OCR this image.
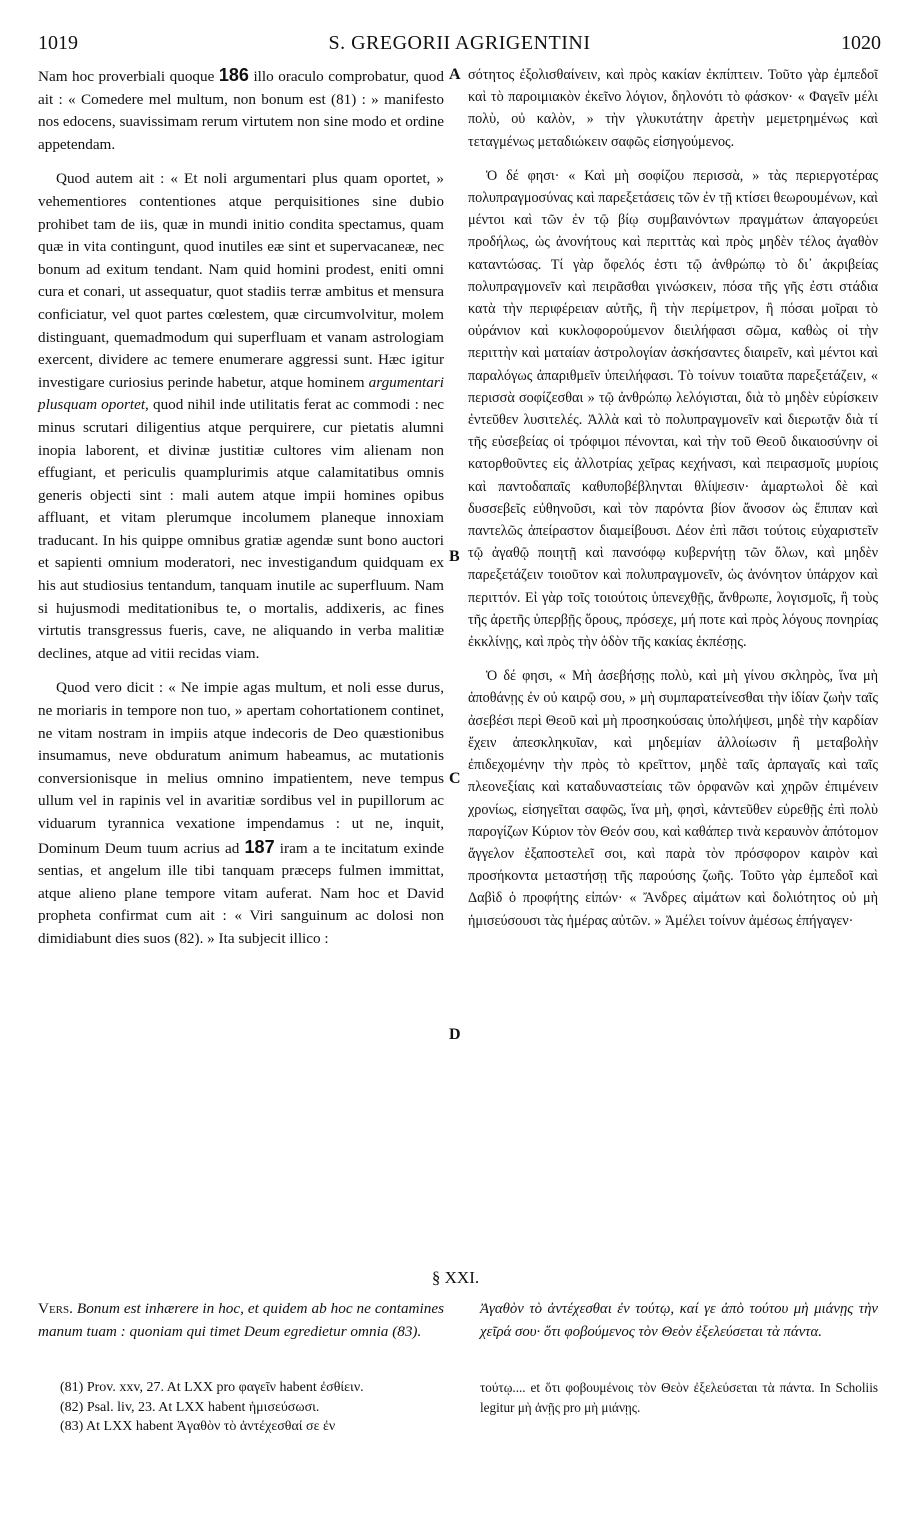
1019	S. GREGORII AGRIGENTINI	1020
A
B
C
D

Nam hoc proverbiali quoque 186 illo oraculo comprobatur, quod ait : « Comedere mel multum, non bonum est (81) : » manifesto nos edocens, suavissimam rerum virtutem non sine modo et ordine appetendam.

Quod autem ait : « Et noli argumentari plus quam oportet, » vehementiores contentiones atque perquisitiones sine dubio prohibet tam de iis, quæ in mundi initio condita spectamus, quam quæ in vita contingunt, quod inutiles eæ sint et supervacaneæ, nec bonum ad exitum tendant. Nam quid homini prodest, eniti omni cura et conari, ut assequatur, quot stadiis terræ ambitus et mensura conficiatur, vel quot partes cœlestem, quæ circumvolvitur, molem distinguant, quemadmodum qui superfluam et vanam astrologiam exercent, dividere ac temere enumerare aggressi sunt. Hæc igitur investigare curiosius perinde habetur, atque hominem argumentari plusquam oportet, quod nihil inde utilitatis ferat ac commodi : nec minus scrutari diligentius atque perquirere, cur pietatis alumni inopia laborent, et divinæ justitiæ cultores vim alienam non effugiant, et periculis quamplurimis atque calamitatibus omnis generis objecti sint : mali autem atque impii homines opibus affluant, et vitam plerumque incolumem planeque innoxiam traducant. In his quippe omnibus gratiæ agendæ sunt bono auctori et sapienti omnium moderatori, nec investigandum quidquam ex his aut studiosius tentandum, tanquam inutile ac superfluum. Nam si hujusmodi meditationibus te, o mortalis, addixeris, ac fines virtutis transgressus fueris, cave, ne aliquando in verba malitiæ declines, atque ad vitii recidas viam.

Quod vero dicit : « Ne impie agas multum, et noli esse durus, ne moriaris in tempore non tuo, » apertam cohortationem continet, ne vitam nostram in impiis atque indecoris de Deo quæstionibus insumamus, neve obduratum animum habeamus, ac mutationis conversionisque in melius omnino impatientem, neve tempus ullum vel in rapinis vel in avaritiæ sordibus vel in pupillorum ac viduarum tyrannica vexatione impendamus : ut ne, inquit, Dominum Deum tuum acrius ad 187 iram a te incitatum exinde sentias, et angelum ille tibi tanquam præceps fulmen immittat, atque alieno plane tempore vitam auferat. Nam hoc et David propheta confirmat cum ait : « Viri sanguinum ac dolosi non dimidiabunt dies suos (82). » Ita subjecit illico :

σότητος ἐξολισθαίνειν, καὶ πρὸς κακίαν ἐκπίπτειν. Τοῦτο γὰρ ἐμπεδοῖ καὶ τὸ παροιμιακὸν ἐκεῖνο λόγιον, δηλονότι τὸ φάσκον· « Φαγεῖν μέλι πολὺ, οὐ καλὸν, » τὴν γλυκυτάτην ἀρετὴν μεμετρημένως καὶ τεταγμένως μεταδιώκειν σαφῶς εἰσηγούμενος.

Ὁ δέ φησι· « Καὶ μὴ σοφίζου περισσὰ, » τὰς περιεργοτέρας πολυπραγμοσύνας καὶ παρεξετάσεις τῶν ἐν τῇ κτίσει θεωρουμένων, καὶ μέντοι καὶ τῶν ἐν τῷ βίῳ συμβαινόντων πραγμάτων ἀπαγορεύει προδήλως, ὡς ἀνονήτους καὶ περιττὰς καὶ πρὸς μηδὲν τέλος ἀγαθὸν καταντώσας. Τί γὰρ ὄφελός ἐστι τῷ ἀνθρώπῳ τὸ δι᾽ ἀκριβείας πολυπραγμονεῖν καὶ πειρᾶσθαι γινώσκειν, πόσα τῆς γῆς ἐστι στάδια κατὰ τὴν περιφέρειαν αὐτῆς, ἢ τὴν περίμετρον, ἢ πόσαι μοῖραι τὸ οὐράνιον καὶ κυκλοφορούμενον διειλήφασι σῶμα, καθὼς οἱ τὴν περιττὴν καὶ ματαίαν ἀστρολογίαν ἀσκήσαντες διαιρεῖν, καὶ μέντοι καὶ παραλόγως ἀπαριθμεῖν ὑπειλήφασι. Τὸ τοίνυν τοιαῦτα παρεξετάζειν, « περισσὰ σοφίζεσθαι » τῷ ἀνθρώπῳ λελόγισται, διὰ τὸ μηδὲν εὑρίσκειν ἐντεῦθεν λυσιτελές. Ἀλλὰ καὶ τὸ πολυπραγμονεῖν καὶ διερωτᾷν διὰ τί τῆς εὐσεβείας οἱ τρόφιμοι πένονται, καὶ τὴν τοῦ Θεοῦ δικαιοσύνην οἱ κατορθοῦντες εἰς ἀλλοτρίας χεῖρας κεχήνασι, καὶ πειρασμοῖς μυρίοις καὶ παντοδαπαῖς καθυποβέβληνται θλίψεσιν· ἁμαρτωλοὶ δὲ καὶ δυσσεβεῖς εὐθηνοῦσι, καὶ τὸν παρόντα βίον ἄνοσον ὡς ἔπιπαν καὶ παντελῶς ἀπείραστον διαμείβουσι. Δέον ἐπὶ πᾶσι τούτοις εὐχαριστεῖν τῷ ἀγαθῷ ποιητῇ καὶ πανσόφῳ κυβερνήτῃ τῶν ὅλων, καὶ μηδὲν παρεξετάζειν τοιοῦτον καὶ πολυπραγμονεῖν, ὡς ἀνόνητον ὑπάρχον καὶ περιττόν. Εἰ γὰρ τοῖς τοιούτοις ὑπενεχθῇς, ἄνθρωπε, λογισμοῖς, ἢ τοὺς τῆς ἀρετῆς ὑπερβῇς ὅρους, πρόσεχε, μή ποτε καὶ πρὸς λόγους πονηρίας ἐκκλίνῃς, καὶ πρὸς τὴν ὁδὸν τῆς κακίας ἐκπέσῃς.

Ὁ δέ φησι, « Μὴ ἀσεβήσῃς πολὺ, καὶ μὴ γίνου σκληρὸς, ἵνα μὴ ἀποθάνῃς ἐν οὐ καιρῷ σου, » μὴ συμπαρατείνεσθαι τὴν ἰδίαν ζωὴν ταῖς ἀσεβέσι περὶ Θεοῦ καὶ μὴ προσηκούσαις ὑπολήψεσι, μηδὲ τὴν καρδίαν ἔχειν ἀπεσκληκυῖαν, καὶ μηδεμίαν ἀλλοίωσιν ἢ μεταβολὴν ἐπιδεχομένην τὴν πρὸς τὸ κρεῖττον, μηδὲ ταῖς ἁρπαγαῖς καὶ ταῖς πλεονεξίαις καὶ καταδυναστείαις τῶν ὀρφανῶν καὶ χηρῶν ἐπιμένειν χρονίως, εἰσηγεῖται σαφῶς, ἵνα μὴ, φησὶ, κἀντεῦθεν εὑρεθῇς ἐπὶ πολὺ παρογίζων Κύριον τὸν Θεόν σου, καὶ καθάπερ τινὰ κεραυνὸν ἀπότομον ἄγγελον ἐξαποστελεῖ σοι, καὶ παρὰ τὸν πρόσφορον καιρὸν καὶ προσήκοντα μεταστήσῃ τῆς παρούσης ζωῆς. Τοῦτο γὰρ ἐμπεδοῖ καὶ Δαβὶδ ὁ προφήτης εἰπών· « Ἄνδρες αἱμάτων καὶ δολιότητος οὐ μὴ ἡμισεύσουσι τὰς ἡμέρας αὐτῶν. » Ἀμέλει τοίνυν ἀμέσως ἐπήγαγεν·

§ XXI.
Vers. Bonum est inhærere in hoc, et quidem ab hoc ne contamines manum tuam : quoniam qui timet Deum egredietur omnia (83).
Ἀγαθὸν τὸ ἀντέχεσθαι ἐν τούτῳ, καί γε ἀπὸ τούτου μὴ μιάνῃς τὴν χεῖρά σου· ὅτι φοβούμενος τὸν Θεὸν ἐξελεύσεται τὰ πάντα.
(81) Prov. xxv, 27. At LXX pro φαγεῖν habent ἐσθίειν.
(82) Psal. liv, 23. At LXX habent ἡμισεύσωσι.
(83) At LXX habent Ἀγαθὸν τὸ ἀντέχεσθαί σε ἐν
τούτῳ.... et ὅτι φοβουμένοις τὸν Θεὸν ἐξελεύσεται τὰ πάντα. In Scholiis legitur μὴ ἀνῇς pro μὴ μιάνῃς.
